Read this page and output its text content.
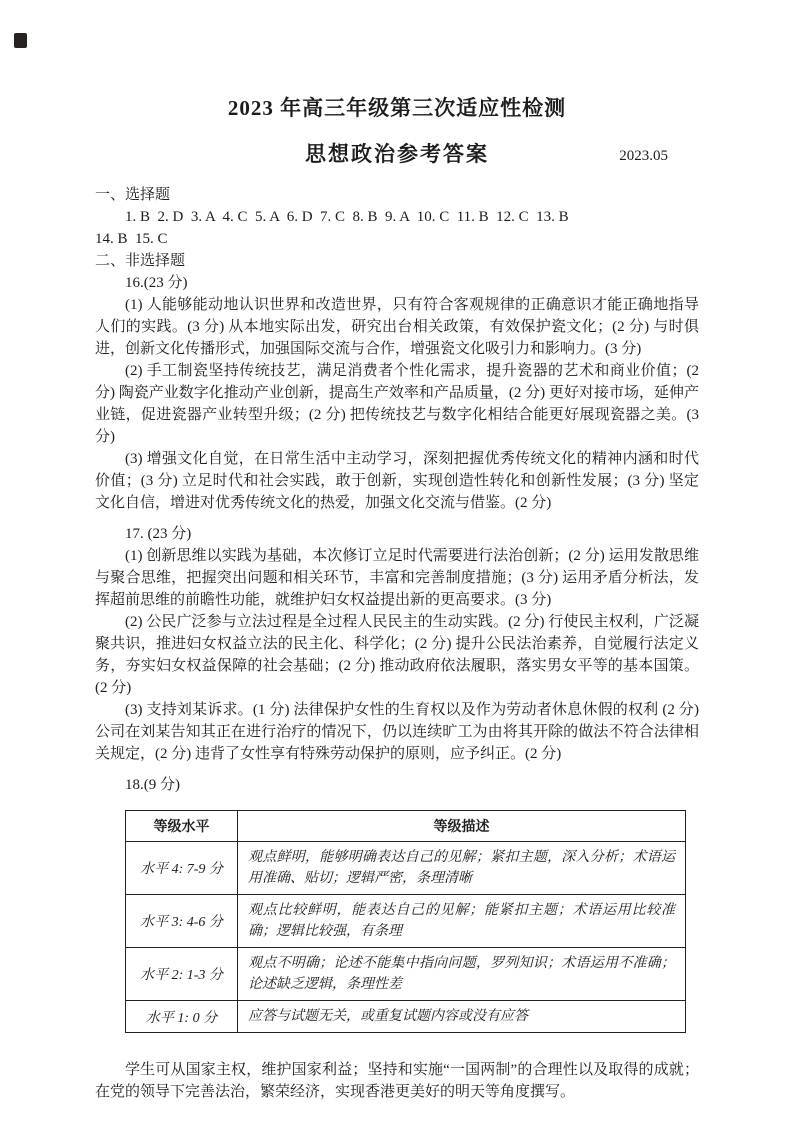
2023 年高三年级第三次适应性检测
思想政治参考答案	2023.05

一、选择题

1. B  2. D  3. A  4. C  5. A  6. D  7. C  8. B  9. A  10. C  11. B  12. C  13. B

14. B  15. C

二、非选择题

16.(23 分)

(1) 人能够能动地认识世界和改造世界，只有符合客观规律的正确意识才能正确地指导人们的实践。(3 分) 从本地实际出发，研究出台相关政策，有效保护瓷文化；(2 分) 与时俱进，创新文化传播形式，加强国际交流与合作，增强瓷文化吸引力和影响力。(3 分)

(2) 手工制瓷坚持传统技艺，满足消费者个性化需求，提升瓷器的艺术和商业价值；(2 分) 陶瓷产业数字化推动产业创新，提高生产效率和产品质量，(2 分) 更好对接市场，延伸产业链，促进瓷器产业转型升级；(2 分) 把传统技艺与数字化相结合能更好展现瓷器之美。(3 分)

(3) 增强文化自觉，在日常生活中主动学习，深刻把握优秀传统文化的精神内涵和时代价值；(3 分) 立足时代和社会实践，敢于创新，实现创造性转化和创新性发展；(3 分) 坚定文化自信，增进对优秀传统文化的热爱，加强文化交流与借鉴。(2 分)

17. (23 分)

(1) 创新思维以实践为基础，本次修订立足时代需要进行法治创新；(2 分) 运用发散思维与聚合思维，把握突出问题和相关环节，丰富和完善制度措施；(3 分) 运用矛盾分析法，发挥超前思维的前瞻性功能，就维护妇女权益提出新的更高要求。(3 分)

(2) 公民广泛参与立法过程是全过程人民民主的生动实践。(2 分) 行使民主权利，广泛凝聚共识，推进妇女权益立法的民主化、科学化；(2 分) 提升公民法治素养，自觉履行法定义务，夯实妇女权益保障的社会基础；(2 分) 推动政府依法履职，落实男女平等的基本国策。(2 分)

(3) 支持刘某诉求。(1 分) 法律保护女性的生育权以及作为劳动者休息休假的权利 (2 分) 公司在刘某告知其正在进行治疗的情况下，仍以连续旷工为由将其开除的做法不符合法律相关规定，(2 分) 违背了女性享有特殊劳动保护的原则，应予纠正。(2 分)

18.(9 分)

等级水平	等级描述
水平 4: 7-9 分	观点鲜明，能够明确表达自己的见解；紧扣主题，深入分析；术语运用准确、贴切；逻辑严密，条理清晰
水平 3: 4-6 分	观点比较鲜明，能表达自己的见解；能紧扣主题；术语运用比较准确；逻辑比较强，有条理
水平 2: 1-3 分	观点不明确；论述不能集中指向问题，罗列知识；术语运用不准确；论述缺乏逻辑，条理性差
水平 1: 0 分	应答与试题无关，或重复试题内容或没有应答

学生可从国家主权，维护国家利益；坚持和实施“一国两制”的合理性以及取得的成就；在党的领导下完善法治，繁荣经济，实现香港更美好的明天等角度撰写。
